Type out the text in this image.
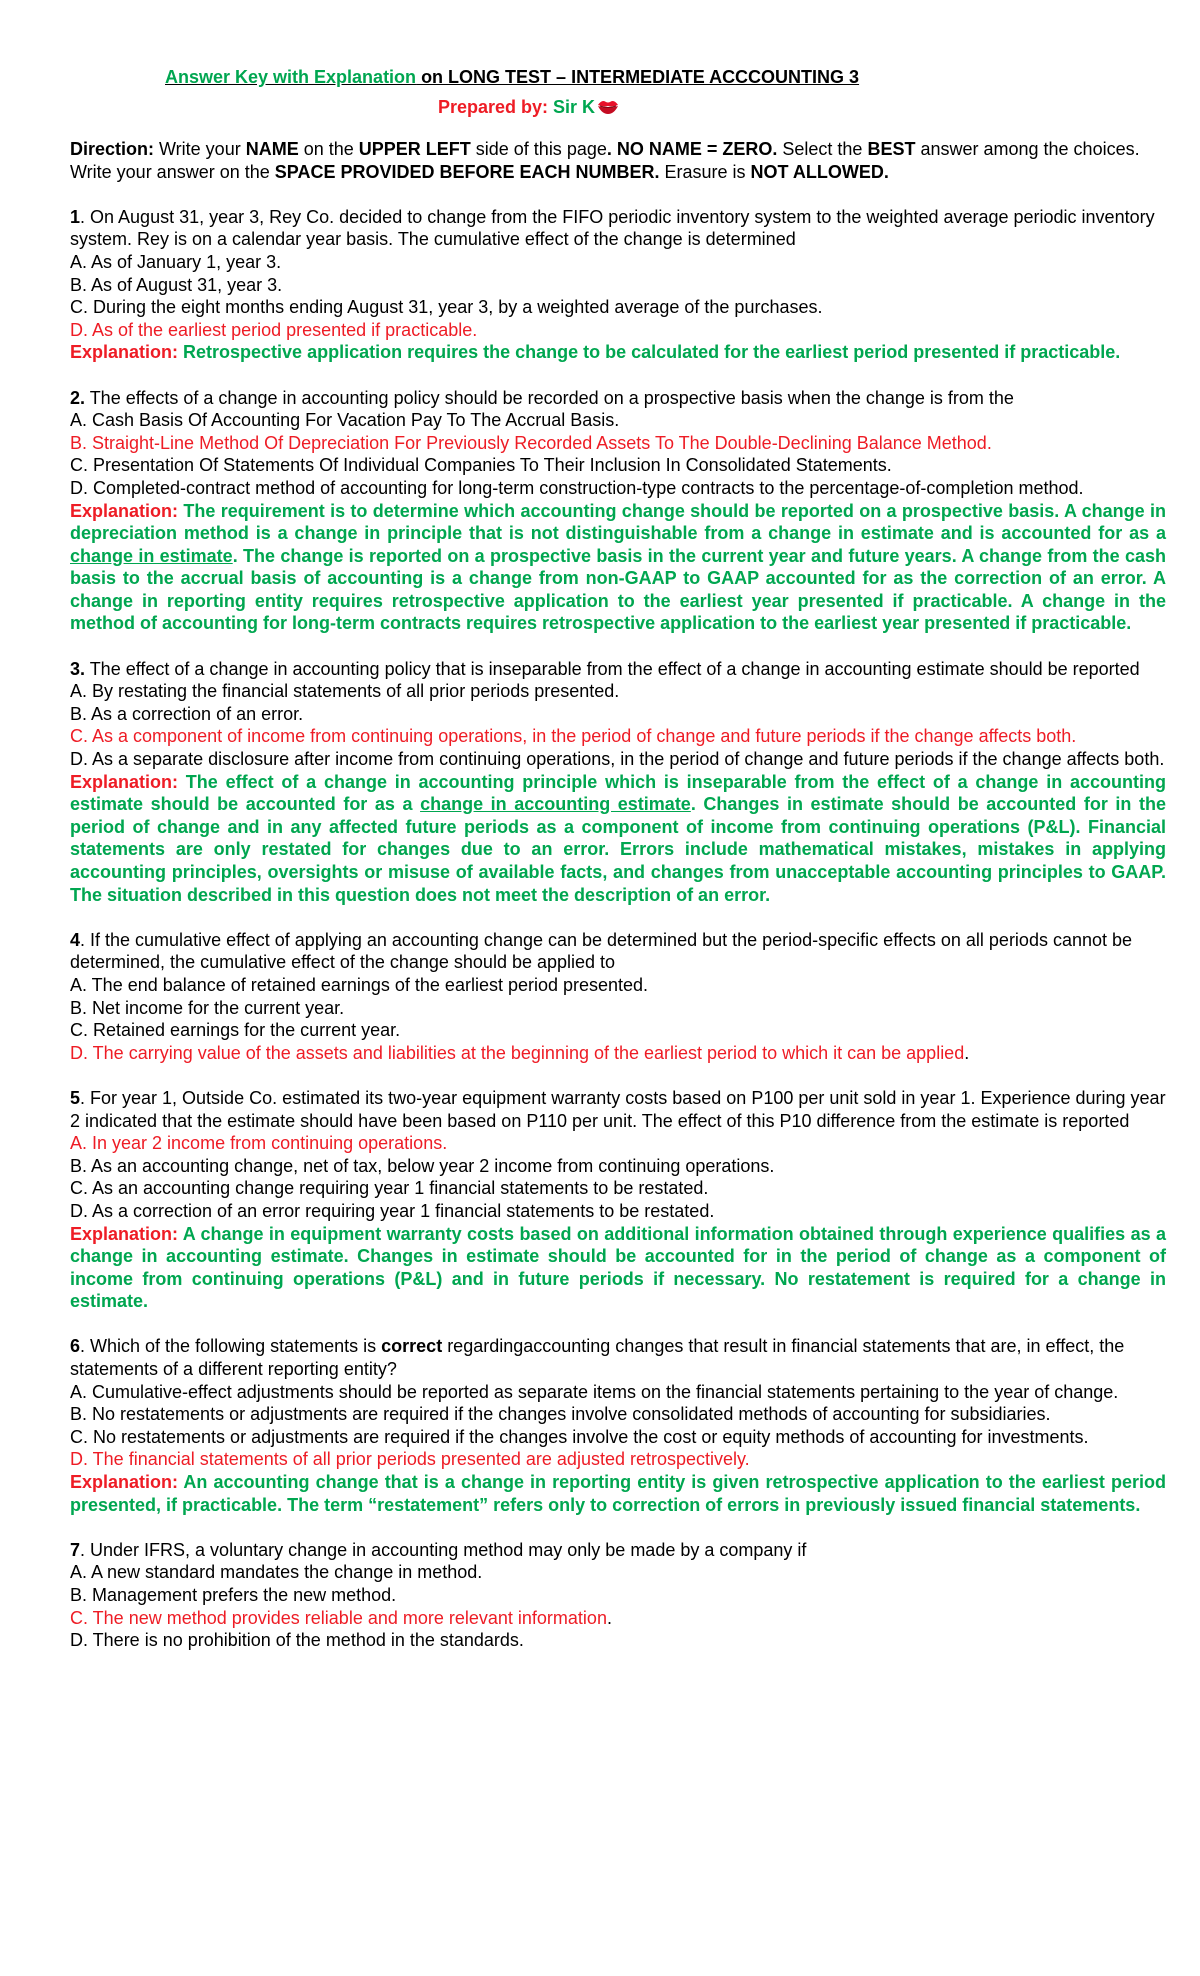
Answer Key with Explanation on LONG TEST – INTERMEDIATE ACCCOUNTING 3
Prepared by: Sir K
Direction: Write your NAME on the UPPER LEFT side of this page. NO NAME = ZERO. Select the BEST answer among the choices. Write your answer on the SPACE PROVIDED BEFORE EACH NUMBER. Erasure is NOT ALLOWED.
1. On August 31, year 3, Rey Co. decided to change from the FIFO periodic inventory system to the weighted average periodic inventory system. Rey is on a calendar year basis. The cumulative effect of the change is determined
A. As of January 1, year 3.
B. As of August 31, year 3.
C. During the eight months ending August 31, year 3, by a weighted average of the purchases.
D. As of the earliest period presented if practicable.
Explanation: Retrospective application requires the change to be calculated for the earliest period presented if practicable.
2. The effects of a change in accounting policy should be recorded on a prospective basis when the change is from the
A. Cash Basis Of Accounting For Vacation Pay To The Accrual Basis.
B. Straight-Line Method Of Depreciation For Previously Recorded Assets To The Double-Declining Balance Method.
C. Presentation Of Statements Of Individual Companies To Their Inclusion In Consolidated Statements.
D. Completed-contract method of accounting for long-term construction-type contracts to the percentage-of-completion method.
Explanation: The requirement is to determine which accounting change should be reported on a prospective basis. A change in depreciation method is a change in principle that is not distinguishable from a change in estimate and is accounted for as a change in estimate. The change is reported on a prospective basis in the current year and future years. A change from the cash basis to the accrual basis of accounting is a change from non-GAAP to GAAP accounted for as the correction of an error. A change in reporting entity requires retrospective application to the earliest year presented if practicable. A change in the method of accounting for long-term contracts requires retrospective application to the earliest year presented if practicable.
3. The effect of a change in accounting policy that is inseparable from the effect of a change in accounting estimate should be reported
A. By restating the financial statements of all prior periods presented.
B. As a correction of an error.
C. As a component of income from continuing operations, in the period of change and future periods if the change affects both.
D. As a separate disclosure after income from continuing operations, in the period of change and future periods if the change affects both.
Explanation: The effect of a change in accounting principle which is inseparable from the effect of a change in accounting estimate should be accounted for as a change in accounting estimate. Changes in estimate should be accounted for in the period of change and in any affected future periods as a component of income from continuing operations (P&L). Financial statements are only restated for changes due to an error. Errors include mathematical mistakes, mistakes in applying accounting principles, oversights or misuse of available facts, and changes from unacceptable accounting principles to GAAP. The situation described in this question does not meet the description of an error.
4. If the cumulative effect of applying an accounting change can be determined but the period-specific effects on all periods cannot be determined, the cumulative effect of the change should be applied to
A. The end balance of retained earnings of the earliest period presented.
B. Net income for the current year.
C. Retained earnings for the current year.
D. The carrying value of the assets and liabilities at the beginning of the earliest period to which it can be applied.
5. For year 1, Outside Co. estimated its two-year equipment warranty costs based on P100 per unit sold in year 1. Experience during year 2 indicated that the estimate should have been based on P110 per unit. The effect of this P10 difference from the estimate is reported
A. In year 2 income from continuing operations.
B. As an accounting change, net of tax, below year 2 income from continuing operations.
C. As an accounting change requiring year 1 financial statements to be restated.
D. As a correction of an error requiring year 1 financial statements to be restated.
Explanation: A change in equipment warranty costs based on additional information obtained through experience qualifies as a change in accounting estimate. Changes in estimate should be accounted for in the period of change as a component of income from continuing operations (P&L) and in future periods if necessary. No restatement is required for a change in estimate.
6. Which of the following statements is correct regardingaccounting changes that result in financial statements that are, in effect, the statements of a different reporting entity?
A. Cumulative-effect adjustments should be reported as separate items on the financial statements pertaining to the year of change.
B. No restatements or adjustments are required if the changes involve consolidated methods of accounting for subsidiaries.
C. No restatements or adjustments are required if the changes involve the cost or equity methods of accounting for investments.
D. The financial statements of all prior periods presented are adjusted retrospectively.
Explanation: An accounting change that is a change in reporting entity is given retrospective application to the earliest period presented, if practicable. The term “restatement” refers only to correction of errors in previously issued financial statements.
7. Under IFRS, a voluntary change in accounting method may only be made by a company if
A. A new standard mandates the change in method.
B. Management prefers the new method.
C. The new method provides reliable and more relevant information.
D. There is no prohibition of the method in the standards.
